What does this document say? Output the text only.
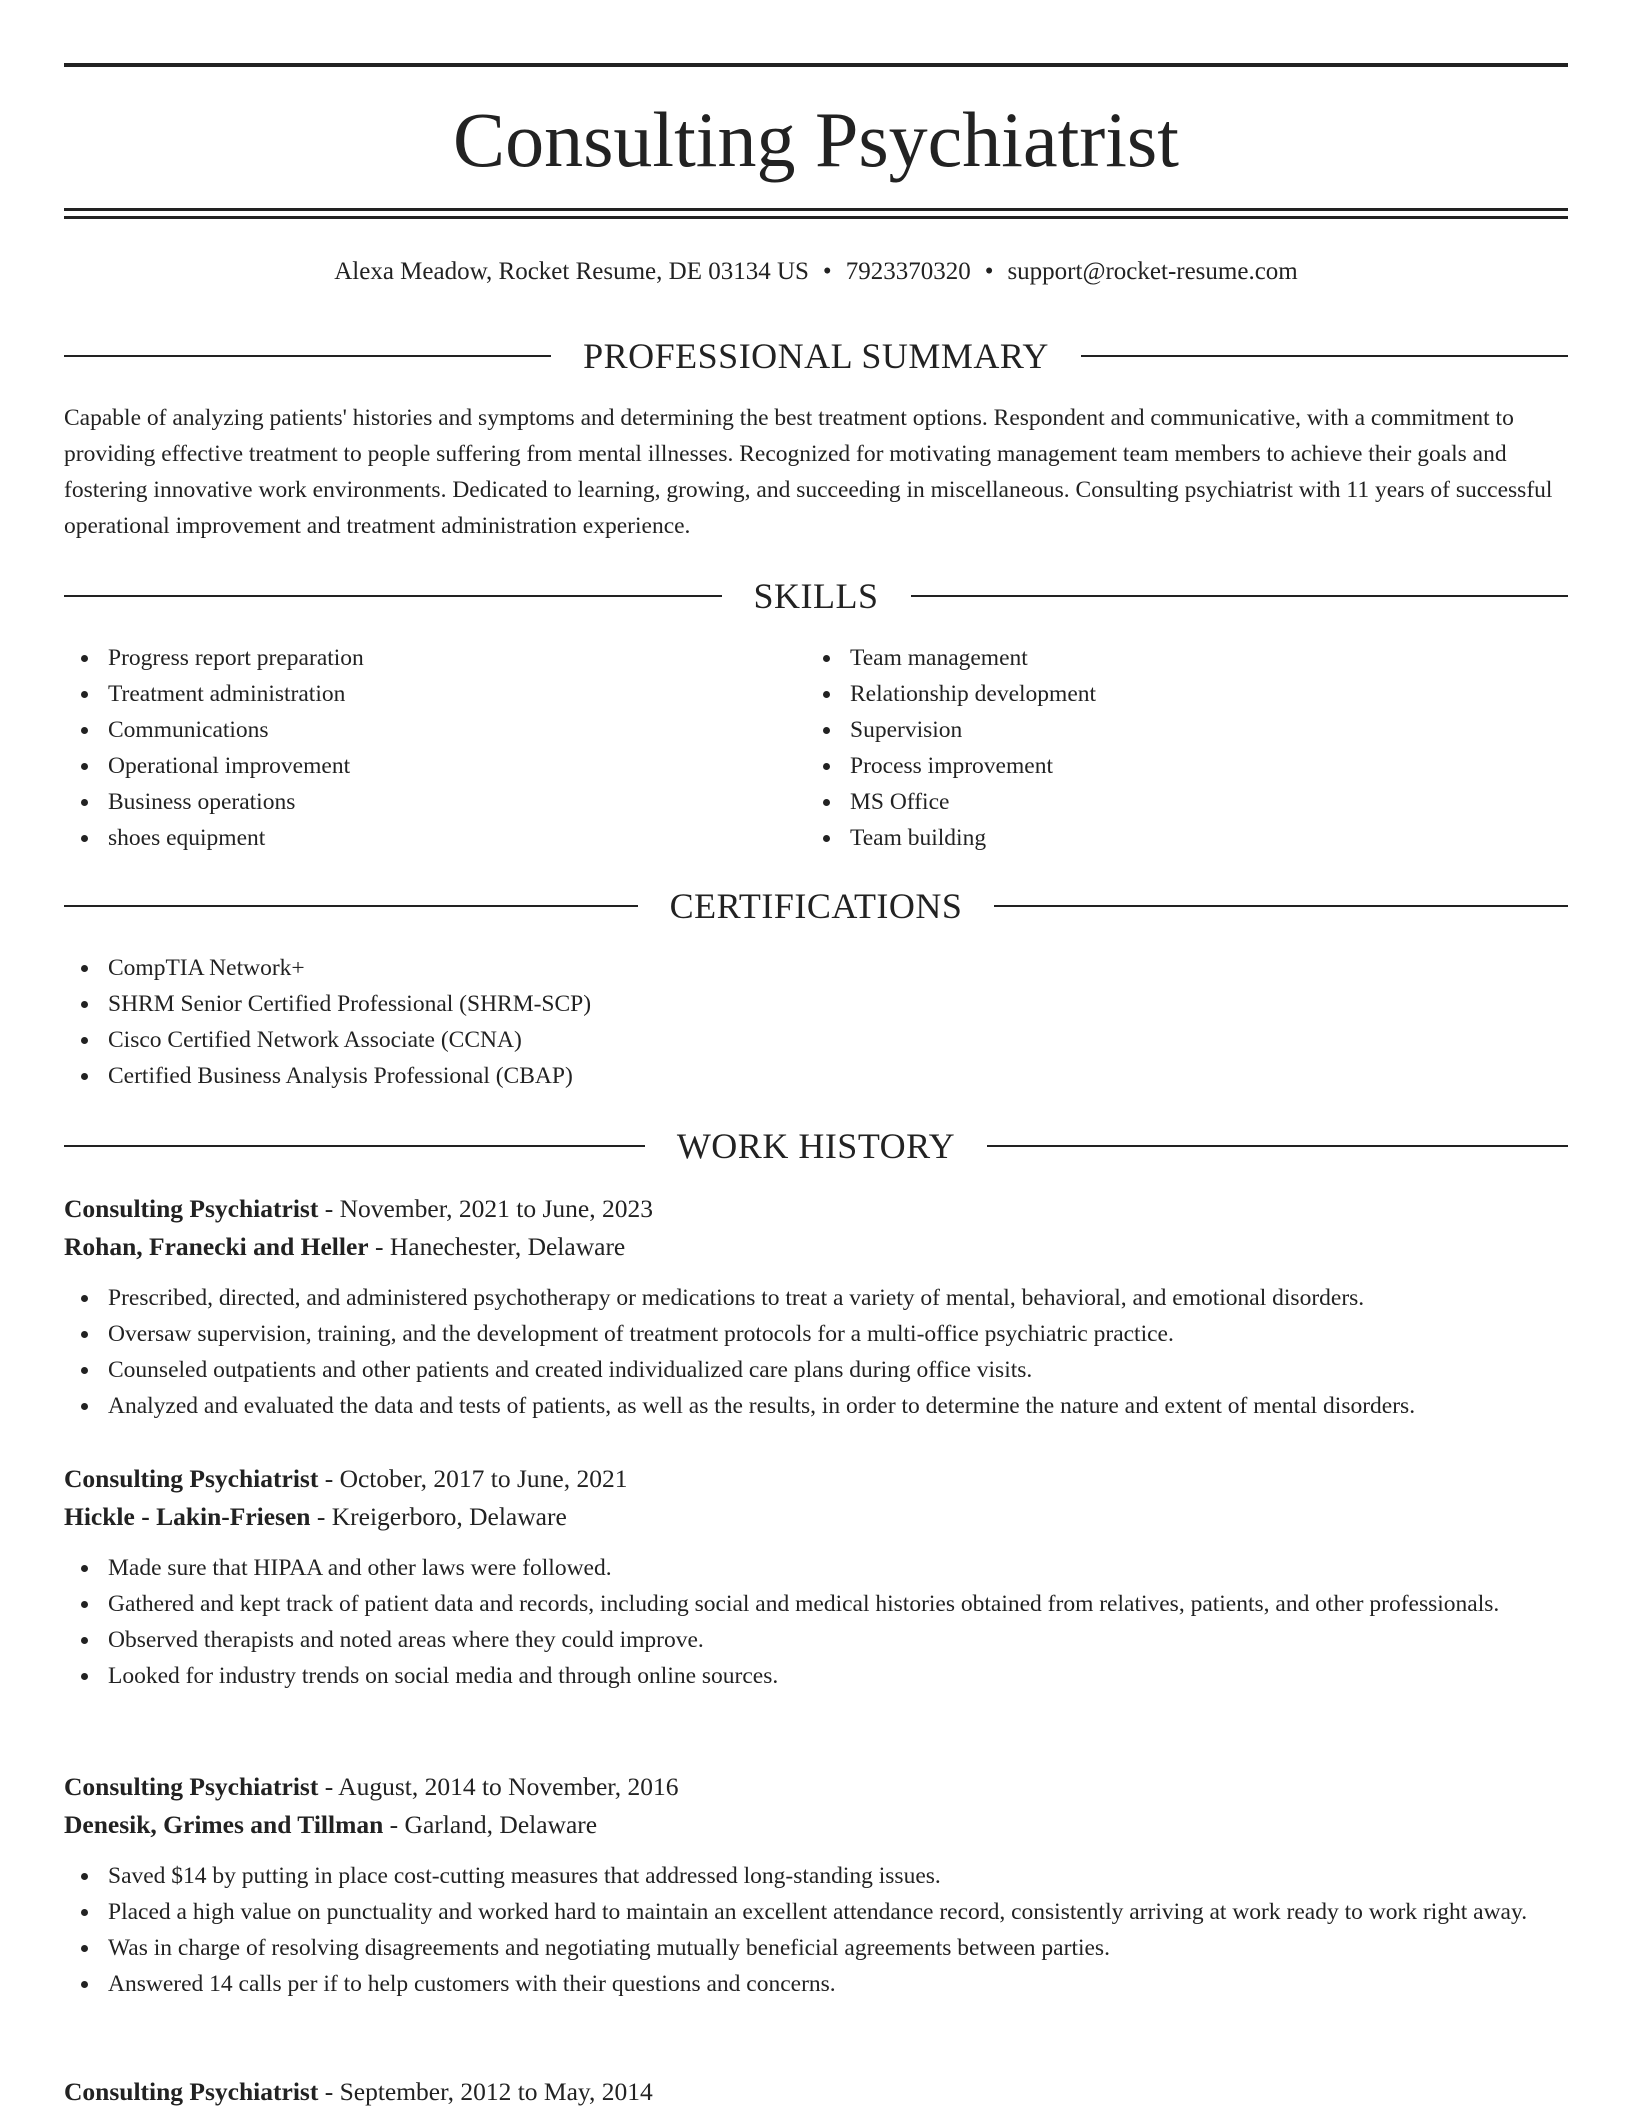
Consulting Psychiatrist
Alexa Meadow, Rocket Resume, DE 03134 US • 7923370320 • support@rocket-resume.com
PROFESSIONAL SUMMARY

Capable of analyzing patients' histories and symptoms and determining the best treatment options. Respondent and communicative, with a commitment to providing effective treatment to people suffering from mental illnesses. Recognized for motivating management team members to achieve their goals and fostering innovative work environments. Dedicated to learning, growing, and succeeding in miscellaneous. Consulting psychiatrist with 11 years of successful operational improvement and treatment administration experience.

SKILLS
Progress report preparation
Treatment administration
Communications
Operational improvement
Business operations
shoes equipment
Team management
Relationship development
Supervision
Process improvement
MS Office
Team building
CERTIFICATIONS
CompTIA Network+
SHRM Senior Certified Professional (SHRM-SCP)
Cisco Certified Network Associate (CCNA)
Certified Business Analysis Professional (CBAP)
WORK HISTORY
Consulting Psychiatrist - November, 2021 to June, 2023
Rohan, Franecki and Heller - Hanechester, Delaware
Prescribed, directed, and administered psychotherapy or medications to treat a variety of mental, behavioral, and emotional disorders.
Oversaw supervision, training, and the development of treatment protocols for a multi-office psychiatric practice.
Counseled outpatients and other patients and created individualized care plans during office visits.
Analyzed and evaluated the data and tests of patients, as well as the results, in order to determine the nature and extent of mental disorders.
Consulting Psychiatrist - October, 2017 to June, 2021
Hickle - Lakin-Friesen - Kreigerboro, Delaware
Made sure that HIPAA and other laws were followed.
Gathered and kept track of patient data and records, including social and medical histories obtained from relatives, patients, and other professionals.
Observed therapists and noted areas where they could improve.
Looked for industry trends on social media and through online sources.
Consulting Psychiatrist - August, 2014 to November, 2016
Denesik, Grimes and Tillman - Garland, Delaware
Saved $14 by putting in place cost-cutting measures that addressed long-standing issues.
Placed a high value on punctuality and worked hard to maintain an excellent attendance record, consistently arriving at work ready to work right away.
Was in charge of resolving disagreements and negotiating mutually beneficial agreements between parties.
Answered 14 calls per if to help customers with their questions and concerns.
Consulting Psychiatrist - September, 2012 to May, 2014
